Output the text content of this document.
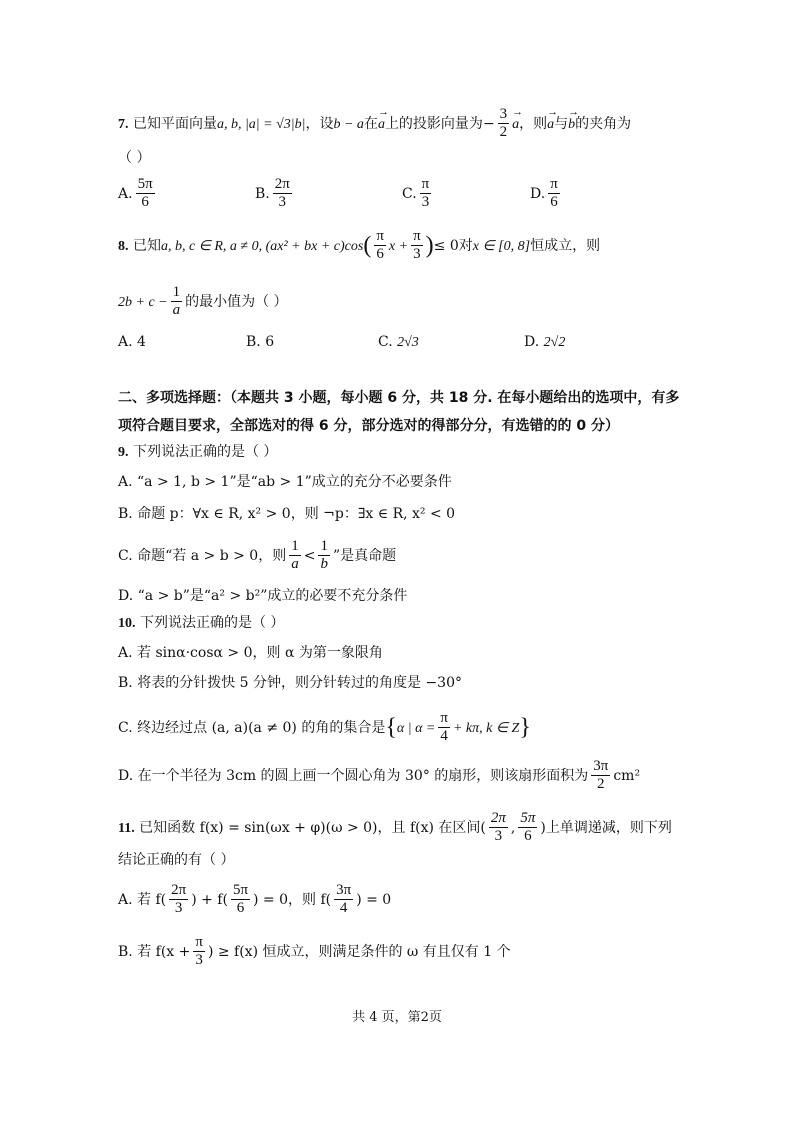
7. 已知平面向量a, b, |a| = √3|b|，设b − a在→ a上的投影向量为− $\frac{3}{2}$
→ a，则→ a与→ b的夹角为
（ ）
A. $\frac{5\pi}{6}$	B. $\frac{2\pi}{3}$	C. $\frac{\pi}{3}$	D. $\frac{\pi}{6}$
8. 已知a, b, c ∈ R, a ≠ 0, (ax² + bx + $c)\cos( \frac{\pi}{6}$ $x + \frac{\pi}{3}$ )≤ 0对x ∈ [0, 8]恒成立，则
$2b + c - \frac{1}{a}$ 的最小值为（ ）
A. 4	B. 6	C. 2√3	D. 2√2
二、多项选择题：（本题共 3 小题，每小题 6 分，共 18 分. 在每小题给出的选项中，有多
项符合题目要求，全部选对的得 6 分，部分选对的得部分分，有选错的的 0 分）
9. 下列说法正确的是（ ）
A. “a > 1, b > 1”是“ab > 1”成立的充分不必要条件
B. 命题 p：∀x ∈ R, x² > 0，则 ¬p：∃x ∈ R, x² < 0
C. 命题“若 a > b > 0，则 $\frac{1}{a} < \frac{1}{b}$ ”是真命题
D. “a > b”是“a² > b²”成立的必要不充分条件
10. 下列说法正确的是（ ）
A. 若 sinα·cosα > 0，则 α 为第一象限角
B. 将表的分针拨快 5 分钟，则分针转过的角度是 −30°
C. 终边经过点 (a, a)(a ≠ 0) 的角的集合是{α | $\alpha = \frac{\pi}{4} + k\pi$, k ∈ Z}
D. 在一个半径为 3cm 的圆上画一个圆心角为 30° 的扇形，则该扇形面积为 $\frac{3\pi}{2} cm^2$
11. 已知函数 f(x) = sin(ωx + φ)(ω > 0)，且 f(x) 在区间( $\frac{2\pi}{3}$ , $\frac{5\pi}{6}$ )上单调递减，则下列
结论正确的有（ ）
A. 若 $f( \frac{2\pi}{3}$ ) + $f( \frac{5\pi}{6}$ ) = 0，则 $f( \frac{3\pi}{4}$ ) = 0
B. 若 $f(x + \frac{\pi}{3}$ ) ≥ f(x) 恒成立，则满足条件的 ω 有且仅有 1 个
共 4 页，第2页
